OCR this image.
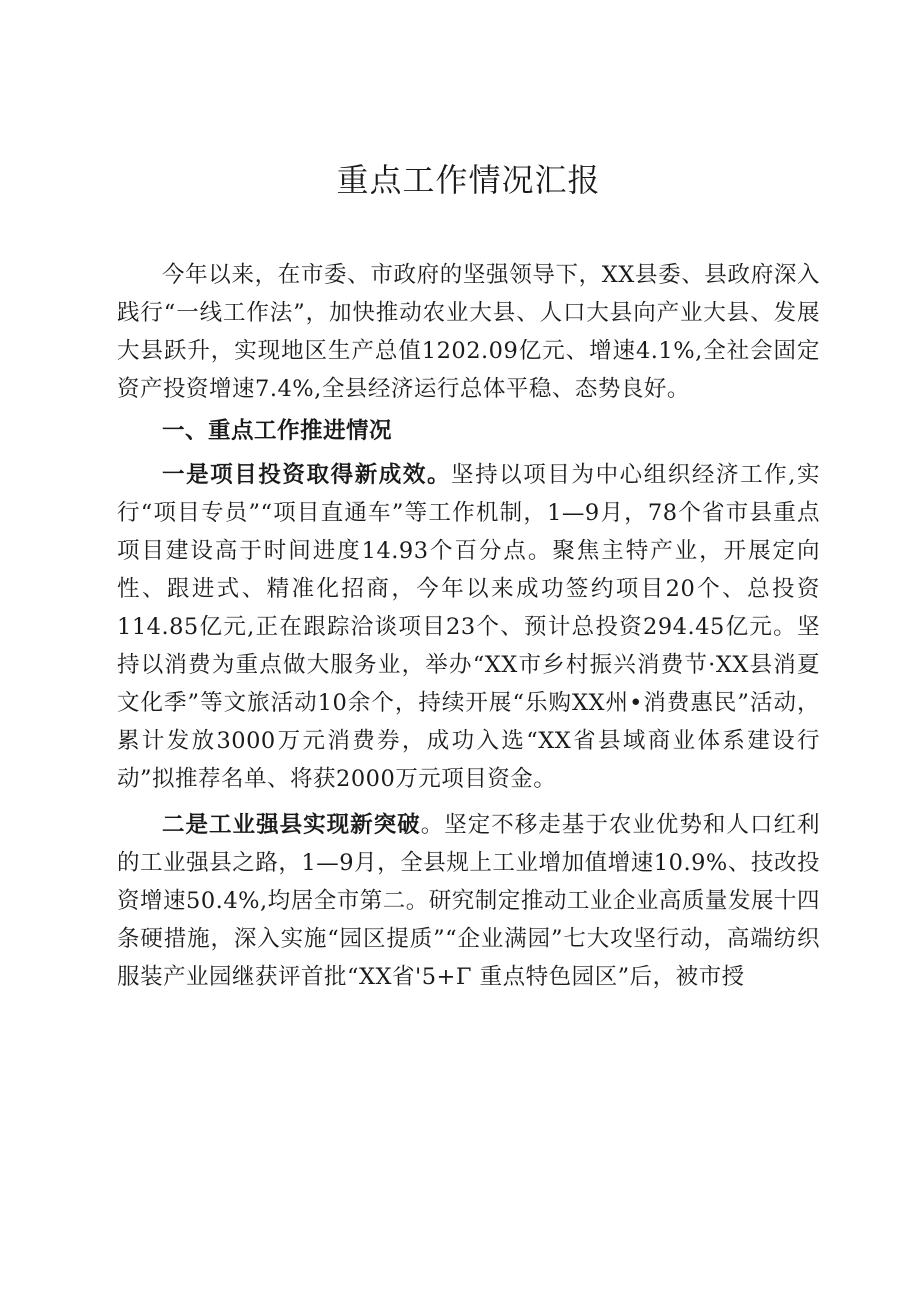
重点工作情况汇报

今年以来，在市委、市政府的坚强领导下，XX县委、县政府深入践行“一线工作法”，加快推动农业大县、人口大县向产业大县、发展大县跃升，实现地区生产总值1202.09亿元、增速4.1%,全社会固定资产投资增速7.4%,全县经济运行总体平稳、态势良好。

一、重点工作推进情况

一是项目投资取得新成效。坚持以项目为中心组织经济工作,实行“项目专员”“项目直通车”等工作机制，1—9月，78个省市县重点项目建设高于时间进度14.93个百分点。聚焦主特产业，开展定向性、跟进式、精准化招商，今年以来成功签约项目20个、总投资114.85亿元,正在跟踪洽谈项目23个、预计总投资294.45亿元。坚持以消费为重点做大服务业，举办“XX市乡村振兴消费节·XX县消夏文化季”等文旅活动10余个，持续开展“乐购XX州•消费惠民”活动，累计发放3000万元消费券，成功入选“XX省县域商业体系建设行动”拟推荐名单、将获2000万元项目资金。

二是工业强县实现新突破。坚定不移走基于农业优势和人口红利的工业强县之路，1—9月，全县规上工业增加值增速10.9%、技改投资增速50.4%,均居全市第二。研究制定推动工业企业高质量发展十四条硬措施，深入实施“园区提质”“企业满园”七大攻坚行动，高端纺织服装产业园继获评首批“XX省'5+Γ 重点特色园区”后，被市授
